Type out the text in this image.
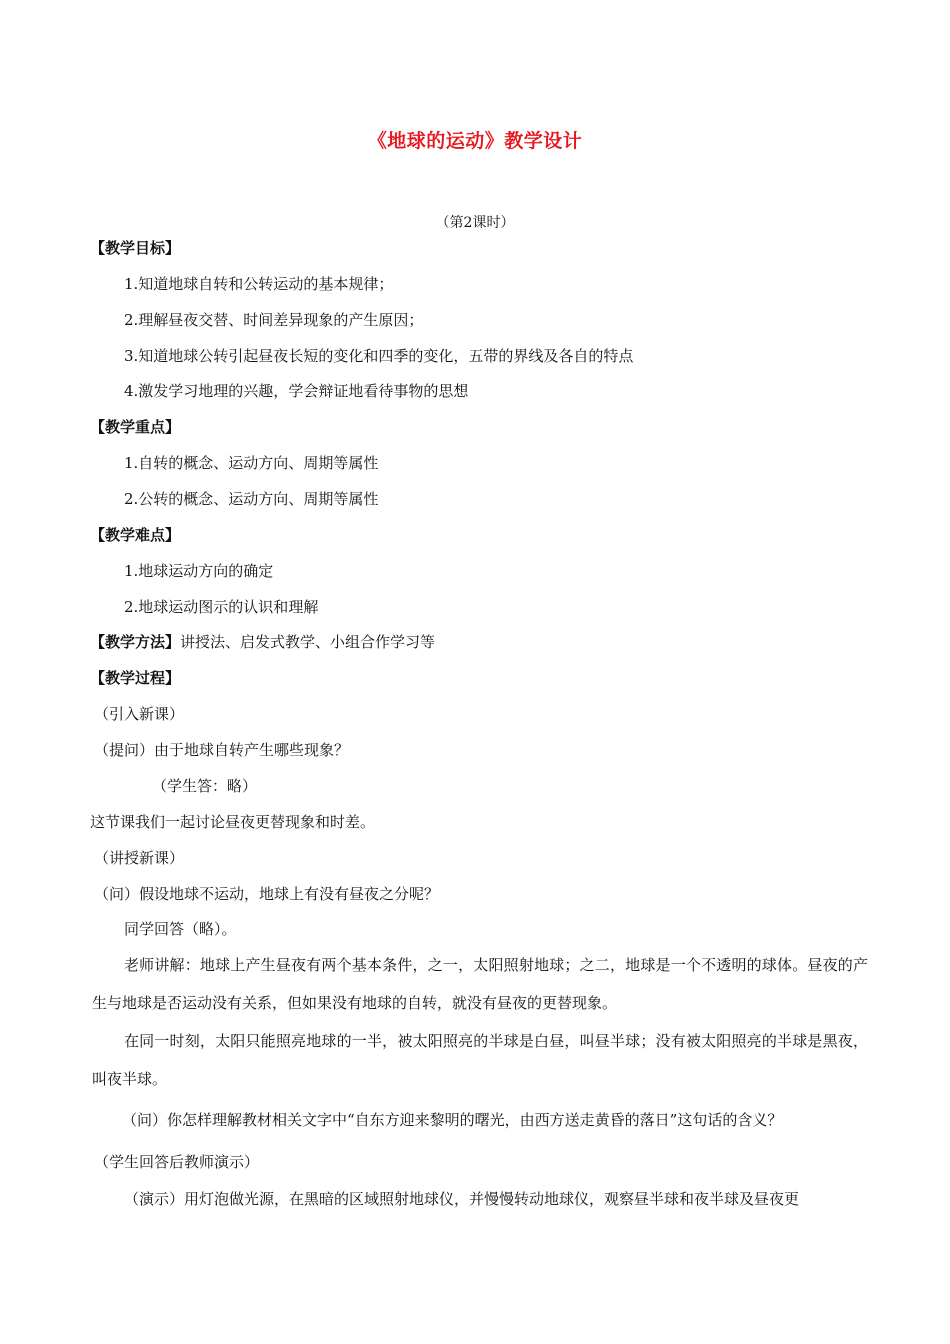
《地球的运动》教学设计
（第2课时）
【教学目标】
1.知道地球自转和公转运动的基本规律；
2.理解昼夜交替、时间差异现象的产生原因；
3.知道地球公转引起昼夜长短的变化和四季的变化，五带的界线及各自的特点
4.激发学习地理的兴趣，学会辩证地看待事物的思想
【教学重点】
1.自转的概念、运动方向、周期等属性
2.公转的概念、运动方向、周期等属性
【教学难点】
1.地球运动方向的确定
2.地球运动图示的认识和理解
【教学方法】讲授法、启发式教学、小组合作学习等
【教学过程】
（引入新课）
（提问）由于地球自转产生哪些现象？
（学生答：略）
这节课我们一起讨论昼夜更替现象和时差。
（讲授新课）
（问）假设地球不运动，地球上有没有昼夜之分呢？
同学回答（略）。
老师讲解：地球上产生昼夜有两个基本条件，之一，太阳照射地球；之二，地球是一个不透明的球体。昼夜的产生与地球是否运动没有关系，但如果没有地球的自转，就没有昼夜的更替现象。
在同一时刻，太阳只能照亮地球的一半，被太阳照亮的半球是白昼，叫昼半球；没有被太阳照亮的半球是黑夜，叫夜半球。
（问）你怎样理解教材相关文字中“自东方迎来黎明的曙光，由西方送走黄昏的落日”这句话的含义？
（学生回答后教师演示）
（演示）用灯泡做光源，在黑暗的区域照射地球仪，并慢慢转动地球仪，观察昼半球和夜半球及昼夜更
